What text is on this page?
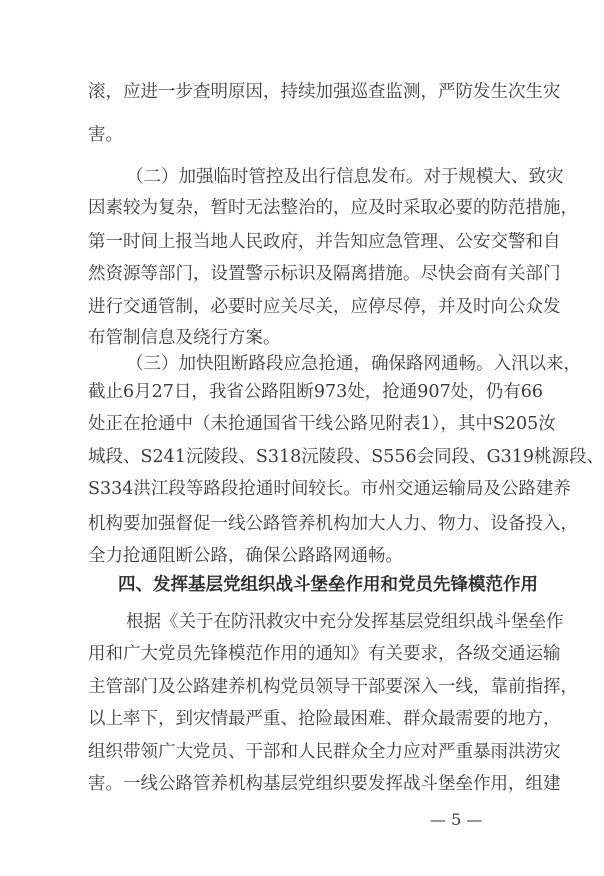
滚，应进一步查明原因，持续加强巡查监测，严防发生次生灾
害。
（二）加强临时管控及出行信息发布。对于规模大、致灾
因素较为复杂，暂时无法整治的，应及时采取必要的防范措施，
第一时间上报当地人民政府，并告知应急管理、公安交警和自
然资源等部门，设置警示标识及隔离措施。尽快会商有关部门
进行交通管制，必要时应关尽关，应停尽停，并及时向公众发
布管制信息及绕行方案。
（三）加快阻断路段应急抢通，确保路网通畅。入汛以来，
截止6月27日，我省公路阻断973处，抢通907处，仍有66
处正在抢通中（未抢通国省干线公路见附表1），其中S205汝
城段、S241沅陵段、S318沅陵段、S556会同段、G319桃源段、
S334洪江段等路段抢通时间较长。市州交通运输局及公路建养
机构要加强督促一线公路管养机构加大人力、物力、设备投入，
全力抢通阻断公路，确保公路路网通畅。
四、发挥基层党组织战斗堡垒作用和党员先锋模范作用
根据《关于在防汛救灾中充分发挥基层党组织战斗堡垒作
用和广大党员先锋模范作用的通知》有关要求，各级交通运输
主管部门及公路建养机构党员领导干部要深入一线，靠前指挥，
以上率下，到灾情最严重、抢险最困难、群众最需要的地方，
组织带领广大党员、干部和人民群众全力应对严重暴雨洪涝灾
害。一线公路管养机构基层党组织要发挥战斗堡垒作用，组建
— 5 —
